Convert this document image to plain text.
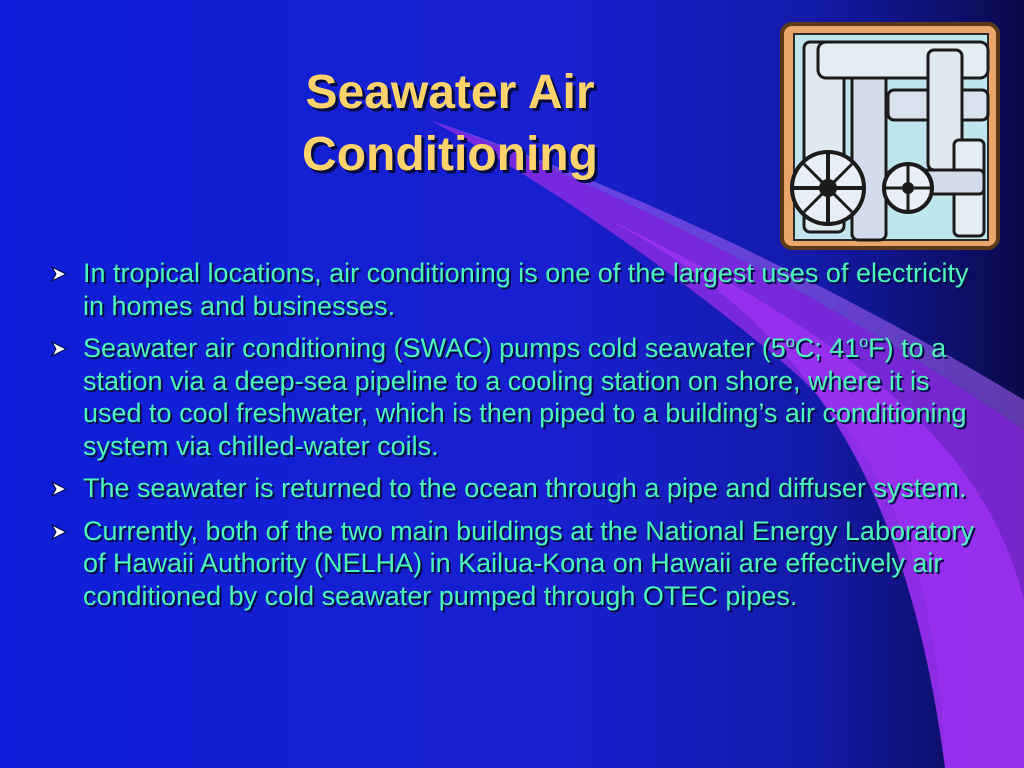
Seawater Air
Conditioning
In tropical locations, air conditioning is one of the largest uses of electricity in homes and businesses.
Seawater air conditioning (SWAC) pumps cold seawater (5$^o$C; 41$^o$F) to a station via a deep-sea pipeline to a cooling station on shore, where it is used to cool freshwater, which is then piped to a building’s air conditioning system via chilled-water coils.
The seawater is returned to the ocean through a pipe and diffuser system.
Currently, both of the two main buildings at the National Energy Laboratory of Hawaii Authority (NELHA) in Kailua-Kona on Hawaii are effectively air conditioned by cold seawater pumped through OTEC pipes.
